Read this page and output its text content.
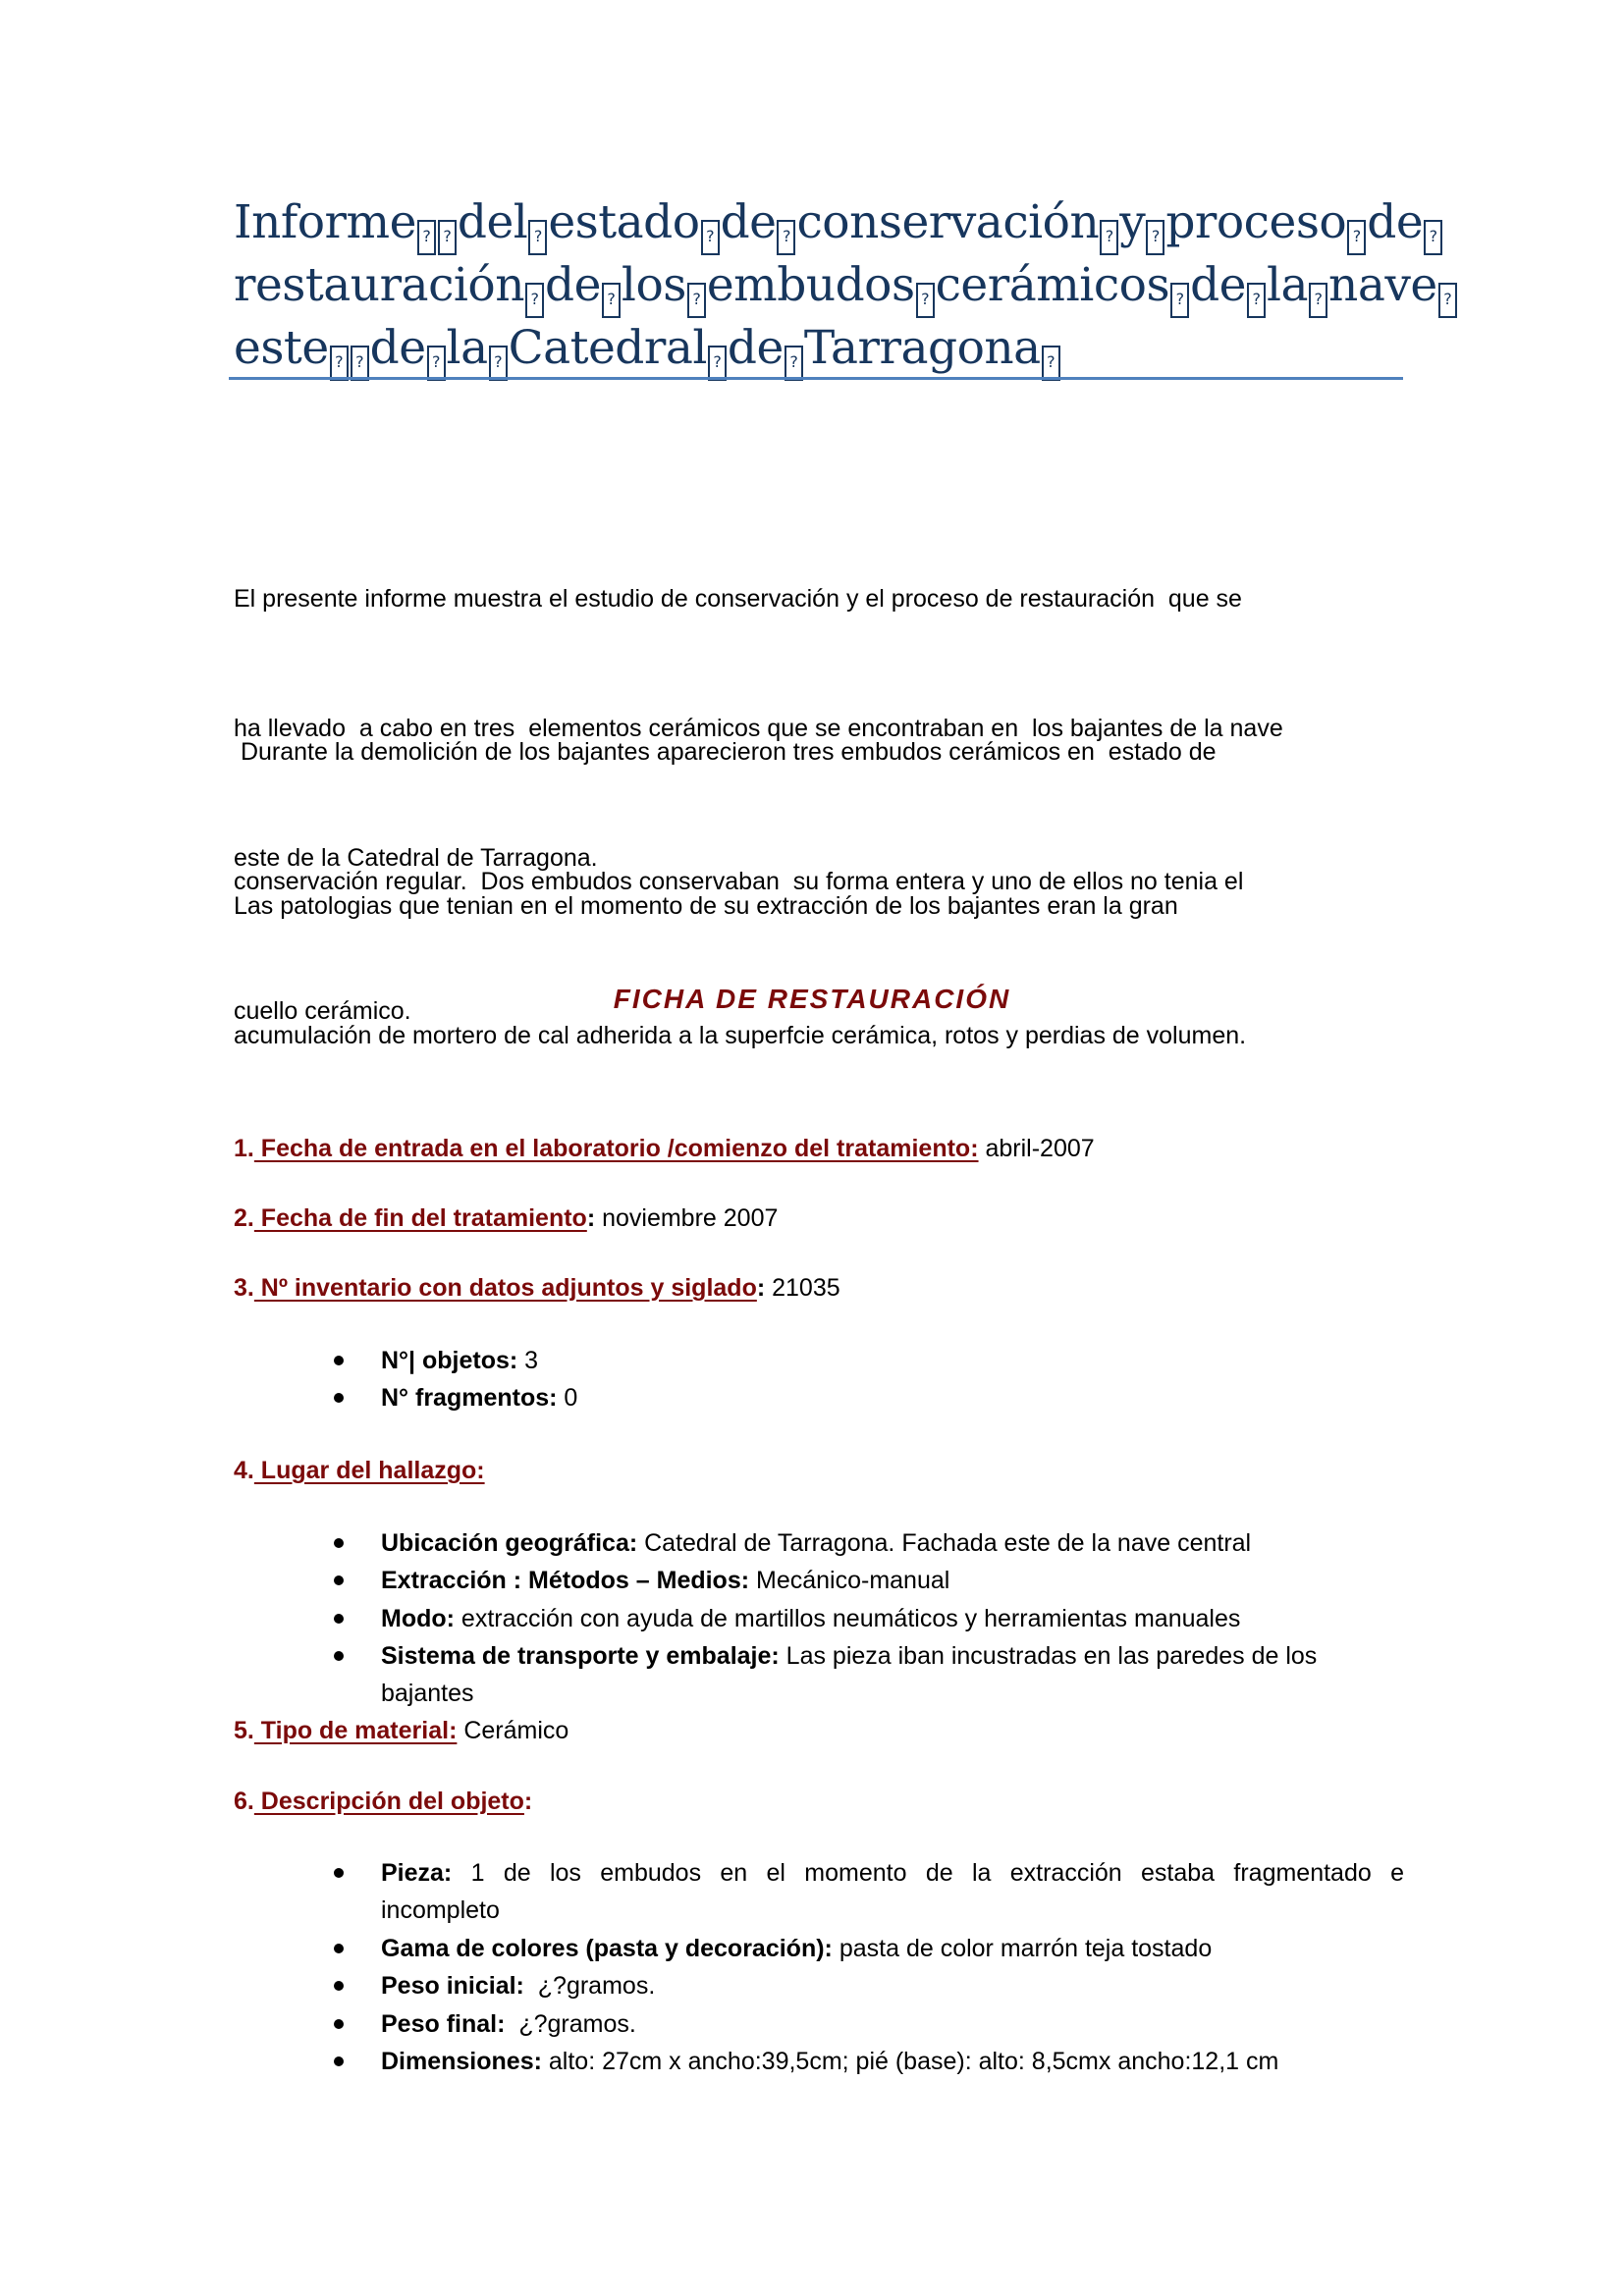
Informe ? ? del ? estado ? de ? conservación ? y ? proceso ? de ?
restauración ? de ? los ? embudos ? cerámicos ? de ? la ? nave ?
este ? ? de ? la ? Catedral ? de ? Tarragona ?

El presente informe muestra el estudio de conservación y el proceso de restauración  que se

ha llevado  a cabo en tres  elementos cerámicos que se encontraban en  los bajantes de la nave

este de la Catedral de Tarragona.

Durante la demolición de los bajantes aparecieron tres embudos cerámicos en  estado de

conservación regular.  Dos embudos conservaban  su forma entera y uno de ellos no tenia el

cuello cerámico.

Las patologias que tenian en el momento de su extracción de los bajantes eran la gran

acumulación de mortero de cal adherida a la superfcie cerámica, rotos y perdias de volumen.

FICHA DE RESTAURACIÓN

1. Fecha de entrada en el laboratorio /comienzo del tratamiento: abril-2007

2. Fecha de fin del tratamiento: noviembre 2007

3. Nº inventario con datos adjuntos y siglado: 21035

N°| objetos: 3
N° fragmentos: 0

4. Lugar del hallazgo:

Ubicación geográfica: Catedral de Tarragona. Fachada este de la nave central
Extracción : Métodos – Medios: Mecánico-manual
Modo: extracción con ayuda de martillos neumáticos y herramientas manuales
Sistema de transporte y embalaje: Las pieza iban incustradas en las paredes de los
bajantes

5. Tipo de material: Cerámico

6. Descripción del objeto:

Pieza: 1 de los embudos en el momento de la extracción estaba fragmentado e
incompleto
Gama de colores (pasta y decoración): pasta de color marrón teja tostado
Peso inicial:  ¿?gramos.
Peso final:  ¿?gramos.
Dimensiones: alto: 27cm x ancho:39,5cm; pié (base): alto: 8,5cmx ancho:12,1 cm
